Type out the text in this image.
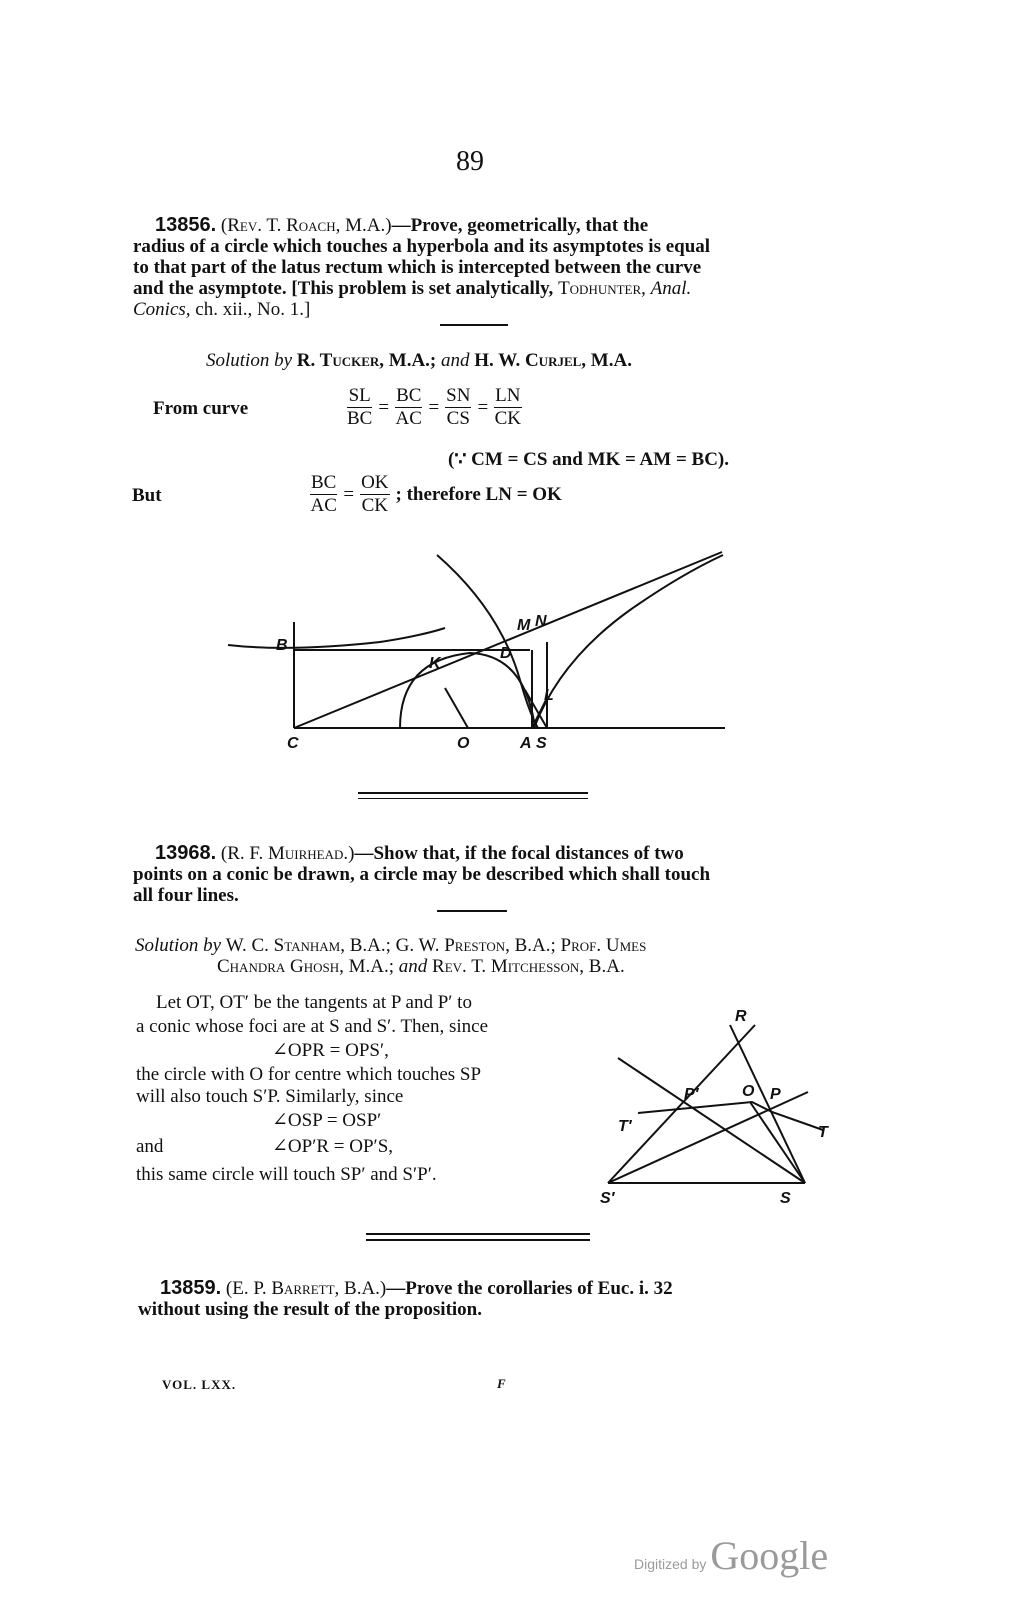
89
13856. (Rev. T. Roach, M.A.)—Prove, geometrically, that the
radius of a circle which touches a hyperbola and its asymptotes is equal
to that part of the latus rectum which is intercepted between the curve
and the asymptote. [This problem is set analytically, Todhunter, Anal.
Conics, ch. xii., No. 1.]
Solution by R. Tucker, M.A.; and H. W. Curjel, M.A.
From curve	$\frac{SL}{BC} = \frac{BC}{AC} = \frac{SN}{CS} = \frac{LN}{CK}$
(∵ CM = CS and MK = AM = BC).
But	$\frac{BC}{AC} = \frac{OK}{CK}$ ; therefore LN = OK
B
C	O	A S
K
D
M N
L
13968. (R. F. Muirhead.)—Show that, if the focal distances of two
points on a conic be drawn, a circle may be described which shall touch
all four lines.
Solution by W. C. Stanham, B.A.; G. W. Preston, B.A.; Prof. Umes
Chandra Ghosh, M.A.; and Rev. T. Mitchesson, B.A.
Let OT, OT′ be the tangents at P and P′ to
a conic whose foci are at S and S′. Then, since
∠OPR = OPS′,
the circle with O for centre which touches SP
will also touch S′P. Similarly, since
∠OSP = OSP′
and	∠OP′R = OP′S,
this same circle will touch SP′ and S′P′.
R
P′	O P
T′	T
S′	S
13859. (E. P. Barrett, B.A.)—Prove the corollaries of Euc. i. 32
without using the result of the proposition.
VOL. LXX.	F
Digitized by Google
